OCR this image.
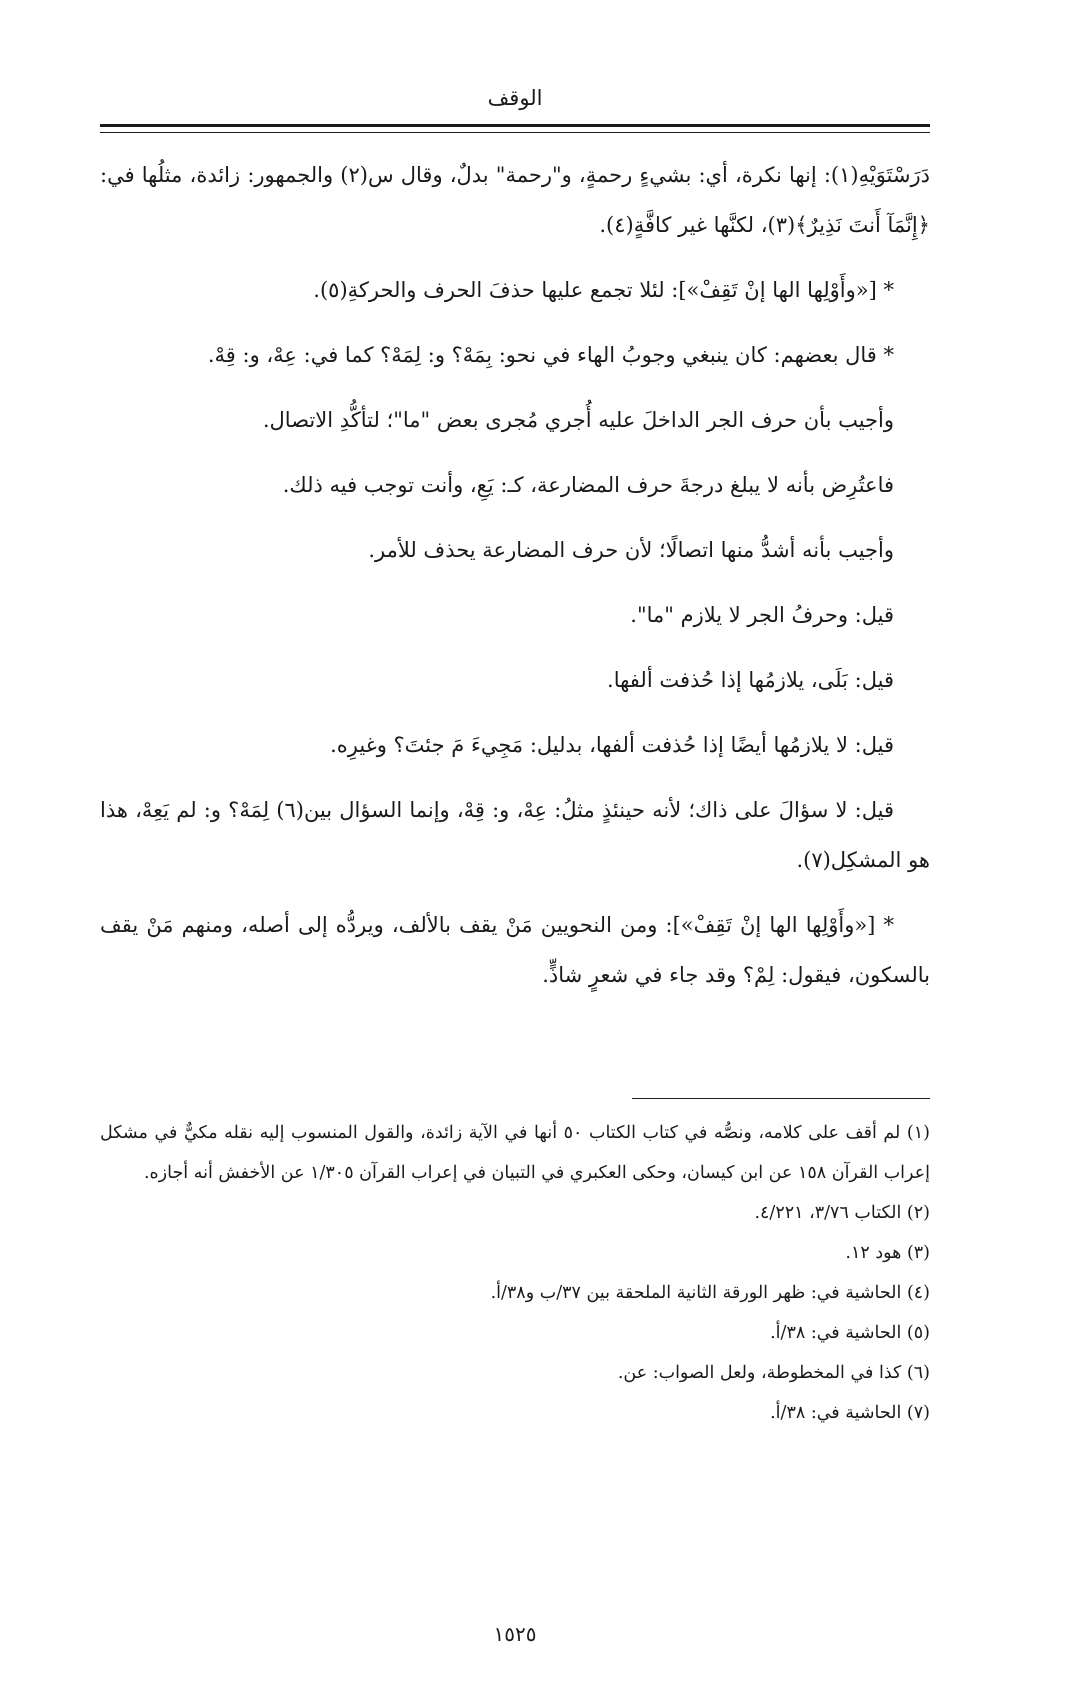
الوقف

دَرَسْتَوَيْهِ(١): إنها نكرة، أي: بشيءٍ رحمةٍ، و"رحمة" بدلٌ، وقال س(٢) والجمهور: زائدة، مثلُها في: ﴿إِنَّمَآ أَنتَ نَذِيرٌ﴾(٣)، لكنَّها غير كافَّةٍ(٤).

* [«وأَوْلِها الها إنْ تَقِفْ»]: لئلا تجمع عليها حذفَ الحرف والحركةِ(٥).

* قال بعضهم: كان ينبغي وجوبُ الهاء في نحو: بِمَهْ؟ و: لِمَهْ؟ كما في: عِهْ، و: قِهْ.

وأجيب بأن حرف الجر الداخلَ عليه أُجري مُجرى بعض "ما"؛ لتأكُّدِ الاتصال.

فاعتُرِض بأنه لا يبلغ درجةَ حرف المضارعة، كـ: يَعِ، وأنت توجب فيه ذلك.

وأجيب بأنه أشدُّ منها اتصالًا؛ لأن حرف المضارعة يحذف للأمر.

قيل: وحرفُ الجر لا يلازم "ما".

قيل: بَلَى، يلازمُها إذا حُذفت ألفها.

قيل: لا يلازمُها أيضًا إذا حُذفت ألفها، بدليل: مَجِيءَ مَ جئتَ؟ وغيرِه.

قيل: لا سؤالَ على ذاك؛ لأنه حينئذٍ مثلُ: عِهْ، و: قِهْ، وإنما السؤال بين(٦) لِمَهْ؟ و: لم يَعِهْ، هذا هو المشكِل(٧).

* [«وأَوْلِها الها إنْ تَقِفْ»]: ومن النحويين مَنْ يقف بالألف، ويردُّه إلى أصله، ومنهم مَنْ يقف بالسكون، فيقول: لِمْ؟ وقد جاء في شعرٍ شاذٍّ.

(١) لم أقف على كلامه، ونصُّه في كتاب الكتاب ٥٠ أنها في الآية زائدة، والقول المنسوب إليه نقله مكيٌّ في مشكل إعراب القرآن ١٥٨ عن ابن كيسان، وحكى العكبري في التبيان في إعراب القرآن ١/٣٠٥ عن الأخفش أنه أجازه.

(٢) الكتاب ٣/٧٦، ٤/٢٢١.

(٣) هود ١٢.

(٤) الحاشية في: ظهر الورقة الثانية الملحقة بين ٣٧/ب و٣٨/أ.

(٥) الحاشية في: ٣٨/أ.

(٦) كذا في المخطوطة، ولعل الصواب: عن.

(٧) الحاشية في: ٣٨/أ.

١٥٢٥
